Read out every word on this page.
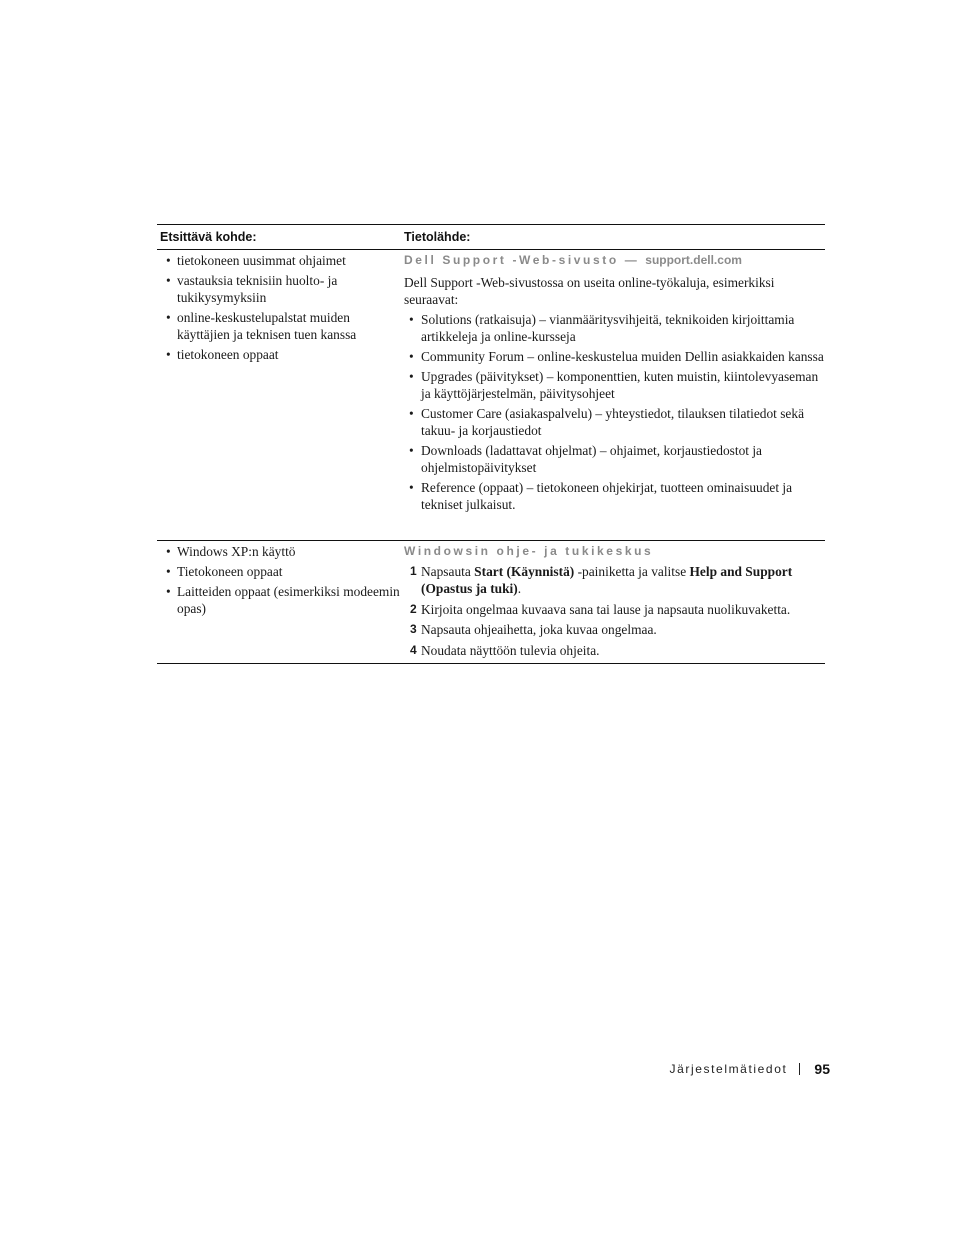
Etsittävä kohde:	Tietolähde:
• tietokoneen uusimmat ohjaimet
• vastauksia teknisiin huolto- ja tukikysymyksiin
• online-keskustelupalstat muiden käyttäjien ja teknisen tuen kanssa
• tietokoneen oppaat
Dell Support -Web-sivusto — support.dell.com
Dell Support -Web-sivustossa on useita online-työkaluja, esimerkiksi seuraavat:
• Solutions (ratkaisuja) – vianmääritysvihjeitä, teknikoiden kirjoittamia artikkeleja ja online-kursseja
• Community Forum – online-keskustelua muiden Dellin asiakkaiden kanssa
• Upgrades (päivitykset) – komponenttien, kuten muistin, kiintolevyaseman ja käyttöjärjestelmän, päivitysohjeet
• Customer Care (asiakaspalvelu) – yhteystiedot, tilauksen tilatiedot sekä takuu- ja korjaustiedot
• Downloads (ladattavat ohjelmat) – ohjaimet, korjaustiedostot ja ohjelmistopäivitykset
• Reference (oppaat) – tietokoneen ohjekirjat, tuotteen ominaisuudet ja tekniset julkaisut.
• Windows XP:n käyttö
• Tietokoneen oppaat
• Laitteiden oppaat (esimerkiksi modeemin opas)
Windowsin ohje- ja tukikeskus
1 Napsauta Start (Käynnistä) -painiketta ja valitse Help and Support (Opastus ja tuki).
2 Kirjoita ongelmaa kuvaava sana tai lause ja napsauta nuolikuvaketta.
3 Napsauta ohjeaihetta, joka kuvaa ongelmaa.
4 Noudata näyttöön tulevia ohjeita.
Järjestelmätiedot 95
